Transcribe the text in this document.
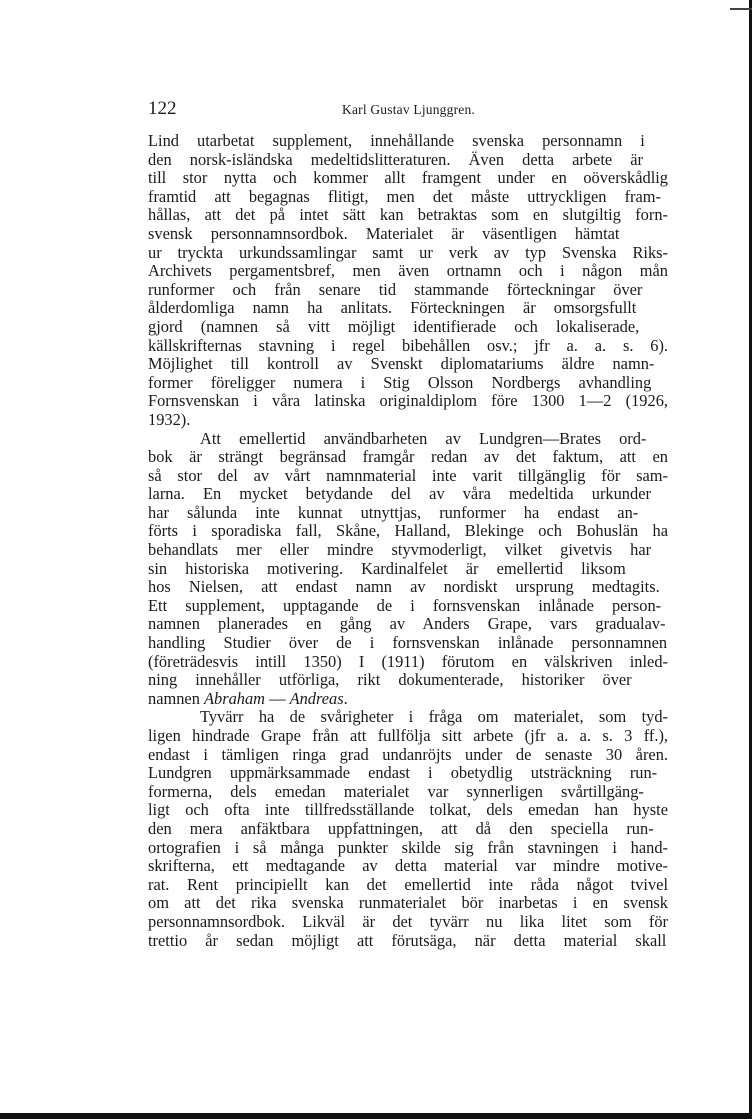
122	Karl Gustav Ljunggren.

Lind utarbetat supplement, innehållande svenska personnamn i
den norsk-isländska medeltidslitteraturen. Även detta arbete är
till stor nytta och kommer allt framgent under en oöverskådlig
framtid att begagnas flitigt, men det måste uttryckligen fram-
hållas, att det på intet sätt kan betraktas som en slutgiltig forn-
svensk personnamnsordbok. Materialet är väsentligen hämtat
ur tryckta urkundssamlingar samt ur verk av typ Svenska Riks-
Archivets pergamentsbref, men även ortnamn och i någon mån
runformer och från senare tid stammande förteckningar över
ålderdomliga namn ha anlitats. Förteckningen är omsorgsfullt
gjord (namnen så vitt möjligt identifierade och lokaliserade,
källskrifternas stavning i regel bibehållen osv.; jfr a. a. s. 6).
Möjlighet till kontroll av Svenskt diplomatariums äldre namn-
former föreligger numera i Stig Olsson Nordbergs avhandling
Fornsvenskan i våra latinska originaldiplom före 1300 1—2 (1926,
1932).

Att emellertid användbarheten av Lundgren—Brates ord-
bok är strängt begränsad framgår redan av det faktum, att en
så stor del av vårt namnmaterial inte varit tillgänglig för sam-
larna. En mycket betydande del av våra medeltida urkunder
har sålunda inte kunnat utnyttjas, runformer ha endast an-
förts i sporadiska fall, Skåne, Halland, Blekinge och Bohuslän ha
behandlats mer eller mindre styvmoderligt, vilket givetvis har
sin historiska motivering. Kardinalfelet är emellertid liksom
hos Nielsen, att endast namn av nordiskt ursprung medtagits.
Ett supplement, upptagande de i fornsvenskan inlånade person-
namnen planerades en gång av Anders Grape, vars gradualav-
handling Studier över de i fornsvenskan inlånade personnamnen
(företrädesvis intill 1350) I (1911) förutom en välskriven inled-
ning innehåller utförliga, rikt dokumenterade, historiker över
namnen Abraham — Andreas.

Tyvärr ha de svårigheter i fråga om materialet, som tyd-
ligen hindrade Grape från att fullfölja sitt arbete (jfr a. a. s. 3 ff.),
endast i tämligen ringa grad undanröjts under de senaste 30 åren.
Lundgren uppmärksammade endast i obetydlig utsträckning run-
formerna, dels emedan materialet var synnerligen svårtillgäng-
ligt och ofta inte tillfredsställande tolkat, dels emedan han hyste
den mera anfäktbara uppfattningen, att då den speciella run-
ortografien i så många punkter skilde sig från stavningen i hand-
skrifterna, ett medtagande av detta material var mindre motive-
rat. Rent principiellt kan det emellertid inte råda något tvivel
om att det rika svenska runmaterialet bör inarbetas i en svensk
personnamnsordbok. Likväl är det tyvärr nu lika litet som för
trettio år sedan möjligt att förutsäga, när detta material skall
